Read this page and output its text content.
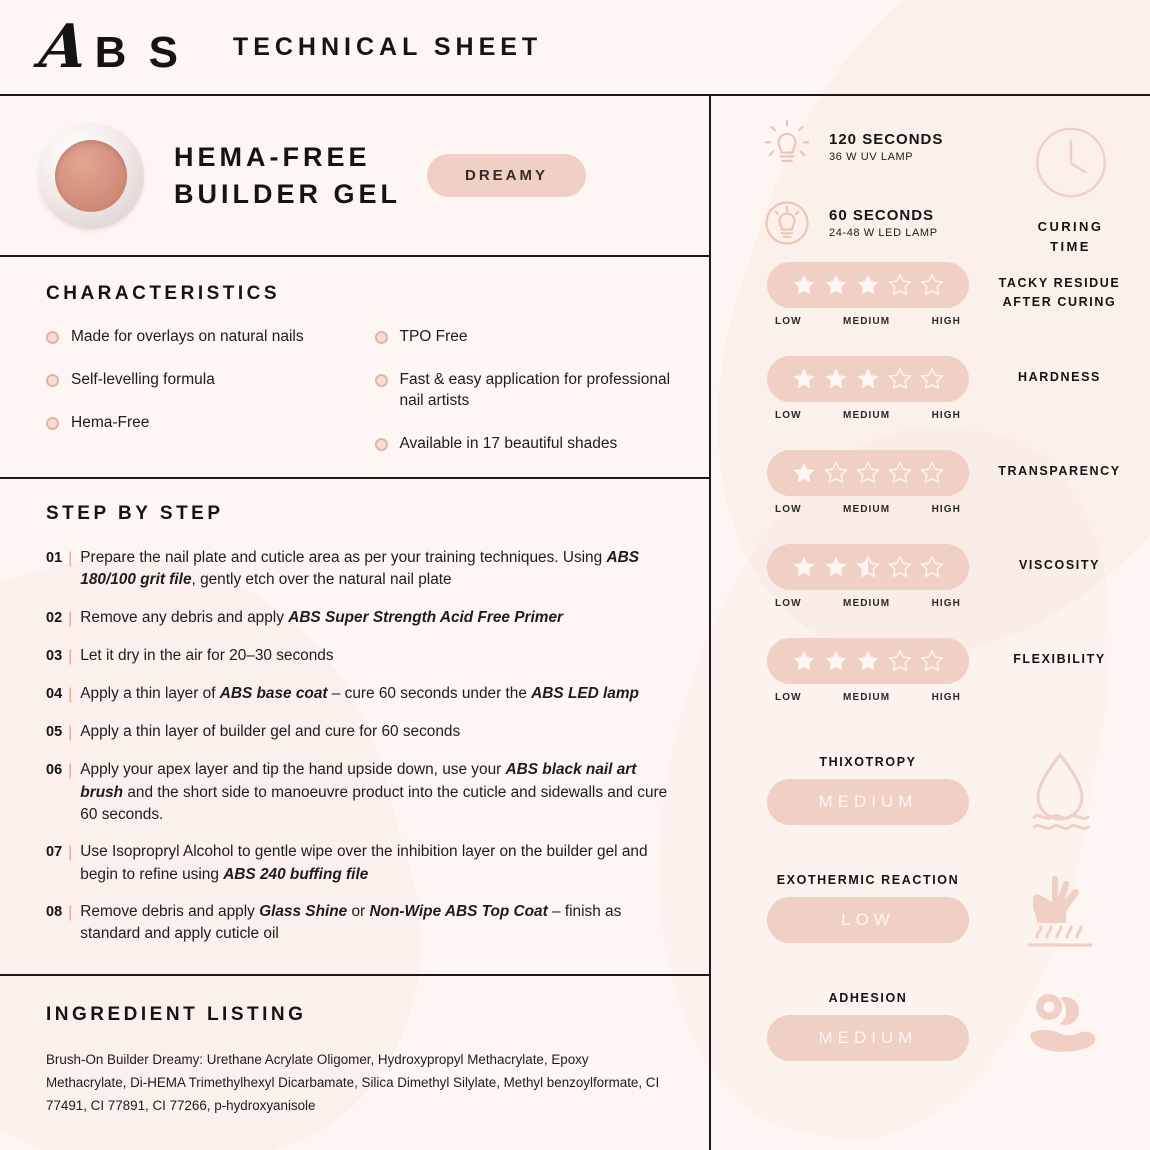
A B S TECHNICAL SHEET
HEMA-FREE
BUILDER GEL
DREAMY
CHARACTERISTICS
Made for overlays on natural nails
Self-levelling formula
Hema-Free
TPO Free
Fast & easy application for professional nail artists
Available in 17 beautiful shades
STEP BY STEP
01 | Prepare the nail plate and cuticle area as per your training techniques. Using ABS 180/100 grit file, gently etch over the natural nail plate
02 | Remove any debris and apply ABS Super Strength Acid Free Primer
03 | Let it dry in the air for 20–30 seconds
04 | Apply a thin layer of ABS base coat – cure 60 seconds under the ABS LED lamp
05 | Apply a thin layer of builder gel and cure for 60 seconds
06 | Apply your apex layer and tip the hand upside down, use your ABS black nail art brush and the short side to manoeuvre product into the cuticle and sidewalls and cure 60 seconds.
07 | Use Isopropryl Alcohol to gentle wipe over the inhibition layer on the builder gel and begin to refine using ABS 240 buffing file
08 | Remove debris and apply Glass Shine or Non-Wipe ABS Top Coat – finish as standard and apply cuticle oil
INGREDIENT LISTING
Brush-On Builder Dreamy: Urethane Acrylate Oligomer, Hydroxypropyl Methacrylate, Epoxy Methacrylate, Di-HEMA Trimethylhexyl Dicarbamate, Silica Dimethyl Silylate, Methyl benzoylformate, CI 77491, CI 77891, CI 77266, p-hydroxyanisole
120 SECONDS
36 W UV LAMP
60 SECONDS
24-48 W LED LAMP	CURING
TIME
LOW	MEDIUM	HIGH
TACKY RESIDUE
AFTER CURING
LOW	MEDIUM	HIGH
HARDNESS
LOW	MEDIUM	HIGH
TRANSPARENCY
LOW	MEDIUM	HIGH
VISCOSITY
LOW	MEDIUM	HIGH
FLEXIBILITY
THIXOTROPY
MEDIUM
EXOTHERMIC REACTION
LOW
ADHESION
MEDIUM
